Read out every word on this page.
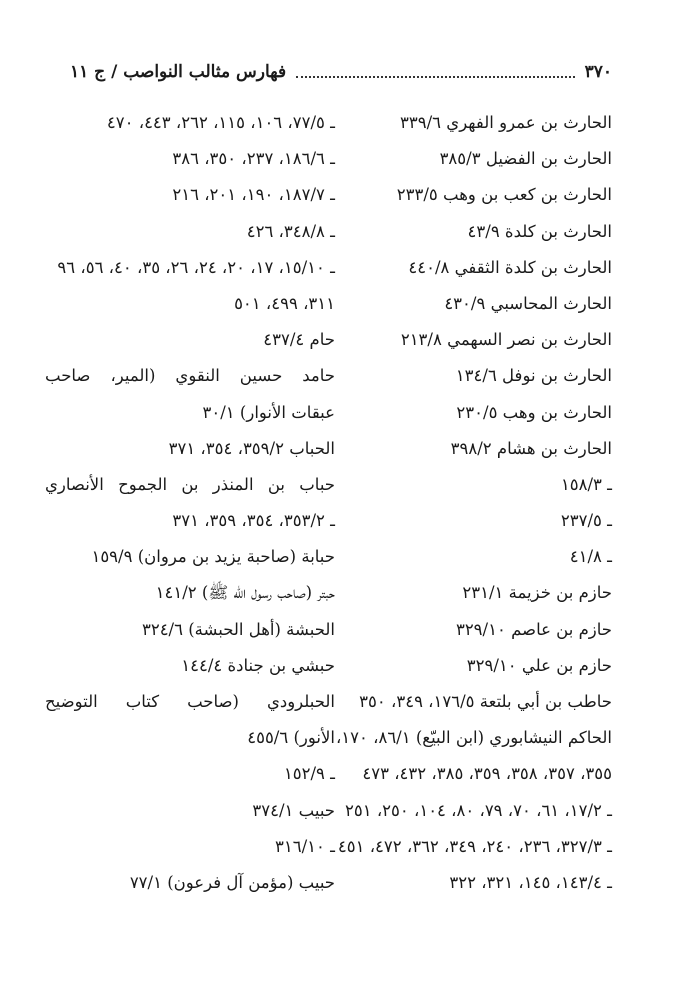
٣٧٠
فهارس مثالب النواصب / ج ١١
الحارث بن عمرو الفهري ٣٣٩/٦
الحارث بن الفضيل ٣٨٥/٣
الحارث بن كعب بن وهب ٢٣٣/٥
الحارث بن كلدة ٤٣/٩
الحارث بن كلدة الثقفي ٤٤٠/٨
الحارث المحاسبي ٤٣٠/٩
الحارث بن نصر السهمي ٢١٣/٨
الحارث بن نوفل ١٣٤/٦
الحارث بن وهب ٢٣٠/٥
الحارث بن هشام ٣٩٨/٢
ـ ١٥٨/٣
ـ ٢٣٧/٥
ـ ٤١/٨
حازم بن خزيمة ٢٣١/١
حازم بن عاصم ٣٢٩/١٠
حازم بن علي ٣٢٩/١٠
حاطب بن أبي بلتعة ١٧٦/٥، ٣٤٩، ٣٥٠
الحاكم النيشابوري (ابن البيّع) ٨٦/١، ١٧٠،
٣٥٥، ٣٥٧، ٣٥٨، ٣٥٩، ٣٨٥، ٤٣٢، ٤٧٣
ـ ١٧/٢، ٦١، ٧٠، ٧٩، ٨٠، ١٠٤، ٢٥٠، ٢٥١
ـ ٣٢٧/٣، ٢٣٦، ٢٤٠، ٣٤٩، ٣٦٢، ٤٧٢، ٤٥١
ـ ١٤٣/٤، ١٤٥، ٣٢١، ٣٢٢
ـ ٧٧/٥، ١٠٦، ١١٥، ٢٦٢، ٤٤٣، ٤٧٠
ـ ١٨٦/٦، ٢٣٧، ٣٥٠، ٣٨٦
ـ ١٨٧/٧، ١٩٠، ٢٠١، ٢١٦
ـ ٣٤٨/٨، ٤٢٦
ـ ١٥/١٠، ١٧، ٢٠، ٢٤، ٢٦، ٣٥، ٤٠، ٥٦، ٩٦
٣١١، ٤٩٩، ٥٠١
حام ٤٣٧/٤
حامد حسين النقوي (المير، صاحب
عبقات الأنوار) ٣٠/١
الحباب ٣٥٩/٢، ٣٥٤، ٣٧١
حباب بن المنذر بن الجموح الأنصاري
ـ ٣٥٣/٢، ٣٥٤، ٣٥٩، ٣٧١
حبابة (صاحبة يزيد بن مروان) ١٥٩/٩
حبتر (صاحب رسول الله ﷺ) ١٤١/٢
الحبشة (أهل الحبشة) ٣٢٤/٦
حبشي بن جنادة ١٤٤/٤
الحبلرودي (صاحب كتاب التوضيح
الأنور) ٤٥٥/٦
ـ ١٥٢/٩
حبيب ٣٧٤/١
ـ ٣١٦/١٠
حبيب (مؤمن آل فرعون) ٧٧/١
